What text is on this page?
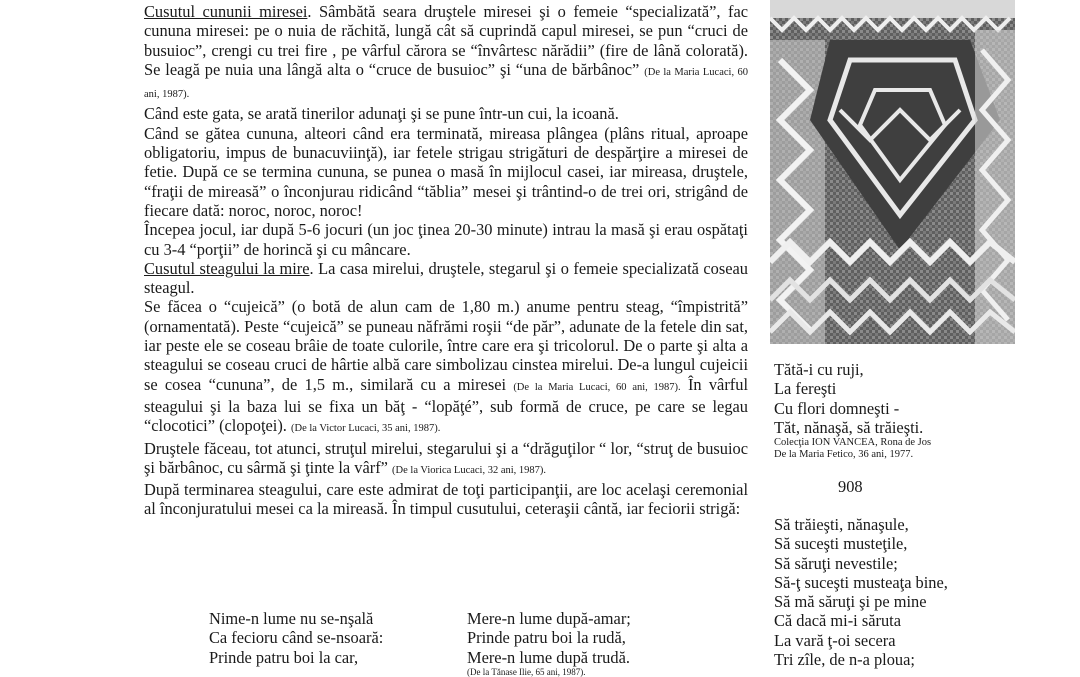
Cusutul cununii miresei. Sâmbătă seara druştele miresei şi o femeie “specializată”, fac cununa miresei: pe o nuia de răchită, lungă cât să cuprindă capul miresei, se pun “cruci de busuioc”, crengi cu trei fire , pe vârful cărora se “învârtesc nărădii” (fire de lână colorată). Se leagă pe nuia una lângă alta o “cruce de busuioc” şi “una de bărbânoc” (De la Maria Lucaci, 60 ani, 1987).

Când este gata, se arată tinerilor adunaţi şi se pune într-un cui, la icoană.

Când se gătea cununa, alteori când era terminată, mireasa plângea (plâns ritual, aproape obligatoriu, impus de bunacuviinţă), iar fetele strigau strigături de despărţire a miresei de fetie. După ce se termina cununa, se punea o masă în mijlocul casei, iar mireasa, druştele, “fraţii de mireasă” o înconjurau ridicând “tăblia” mesei şi trântind-o de trei ori, strigând de fiecare dată: noroc, noroc, noroc!

Începea jocul, iar după 5-6 jocuri (un joc ţinea 20-30 minute) intrau la masă şi erau ospătaţi cu 3-4 “porţii” de horincă şi cu mâncare.

Cusutul steagului la mire. La casa mirelui, druştele, stegarul şi o femeie specializată coseau steagul.

Se făcea o “cujeică” (o botă de alun cam de 1,80 m.) anume pentru steag, “împistrită” (ornamentată). Peste “cujeică” se puneau năfrămi roşii “de păr”, adunate de la fetele din sat, iar peste ele se coseau brâie de toate culorile, între care era şi tricolorul. De o parte şi alta a steagului se coseau cruci de hârtie albă care simbolizau cinstea mirelui. De-a lungul cujeicii se cosea “cununa”, de 1,5 m., similară cu a miresei (De la Maria Lucaci, 60 ani, 1987). În vârful steagului şi la baza lui se fixa un băţ - “lopăţé”, sub formă de cruce, pe care se legau “clocotici” (clopoţei). (De la Victor Lucaci, 35 ani, 1987).

Druştele făceau, tot atunci, struţul mirelui, stegarului şi a “drăguţilor “ lor, “struţ de busuioc şi bărbânoc, cu sârmă şi ţinte la vârf” (De la Viorica Lucaci, 32 ani, 1987).

După terminarea steagului, care este admirat de toţi participanţii, are loc acelaşi ceremonial al înconjuratului mesei ca la mireasă. În timpul cusutului, ceteraşii cântă, iar feciorii strigă:

Nime-n lume nu se-nşală
Ca fecioru când se-nsoară:
Prinde patru boi la car,
Mere-n lume după-amar;
Prinde patru boi la rudă,
Mere-n lume după trudă.
(De la Tănase Ilie, 65 ani, 1987).
Tătă-i cu ruji,
La fereşti
Cu flori domneşti -
Tăt, nănaşă, să trăieşti.
Colecţia ION VANCEA, Rona de Jos
De la Maria Fetico, 36 ani, 1977.
908
Să trăieşti, nănaşule,
Să suceşti musteţile,
Să săruţi nevestile;
Să-ţ suceşti musteaţa bine,
Să mă săruţi şi pe mine
Că dacă mi-i săruta
La vară ţ-oi secera
Tri zîle, de n-a ploua;
